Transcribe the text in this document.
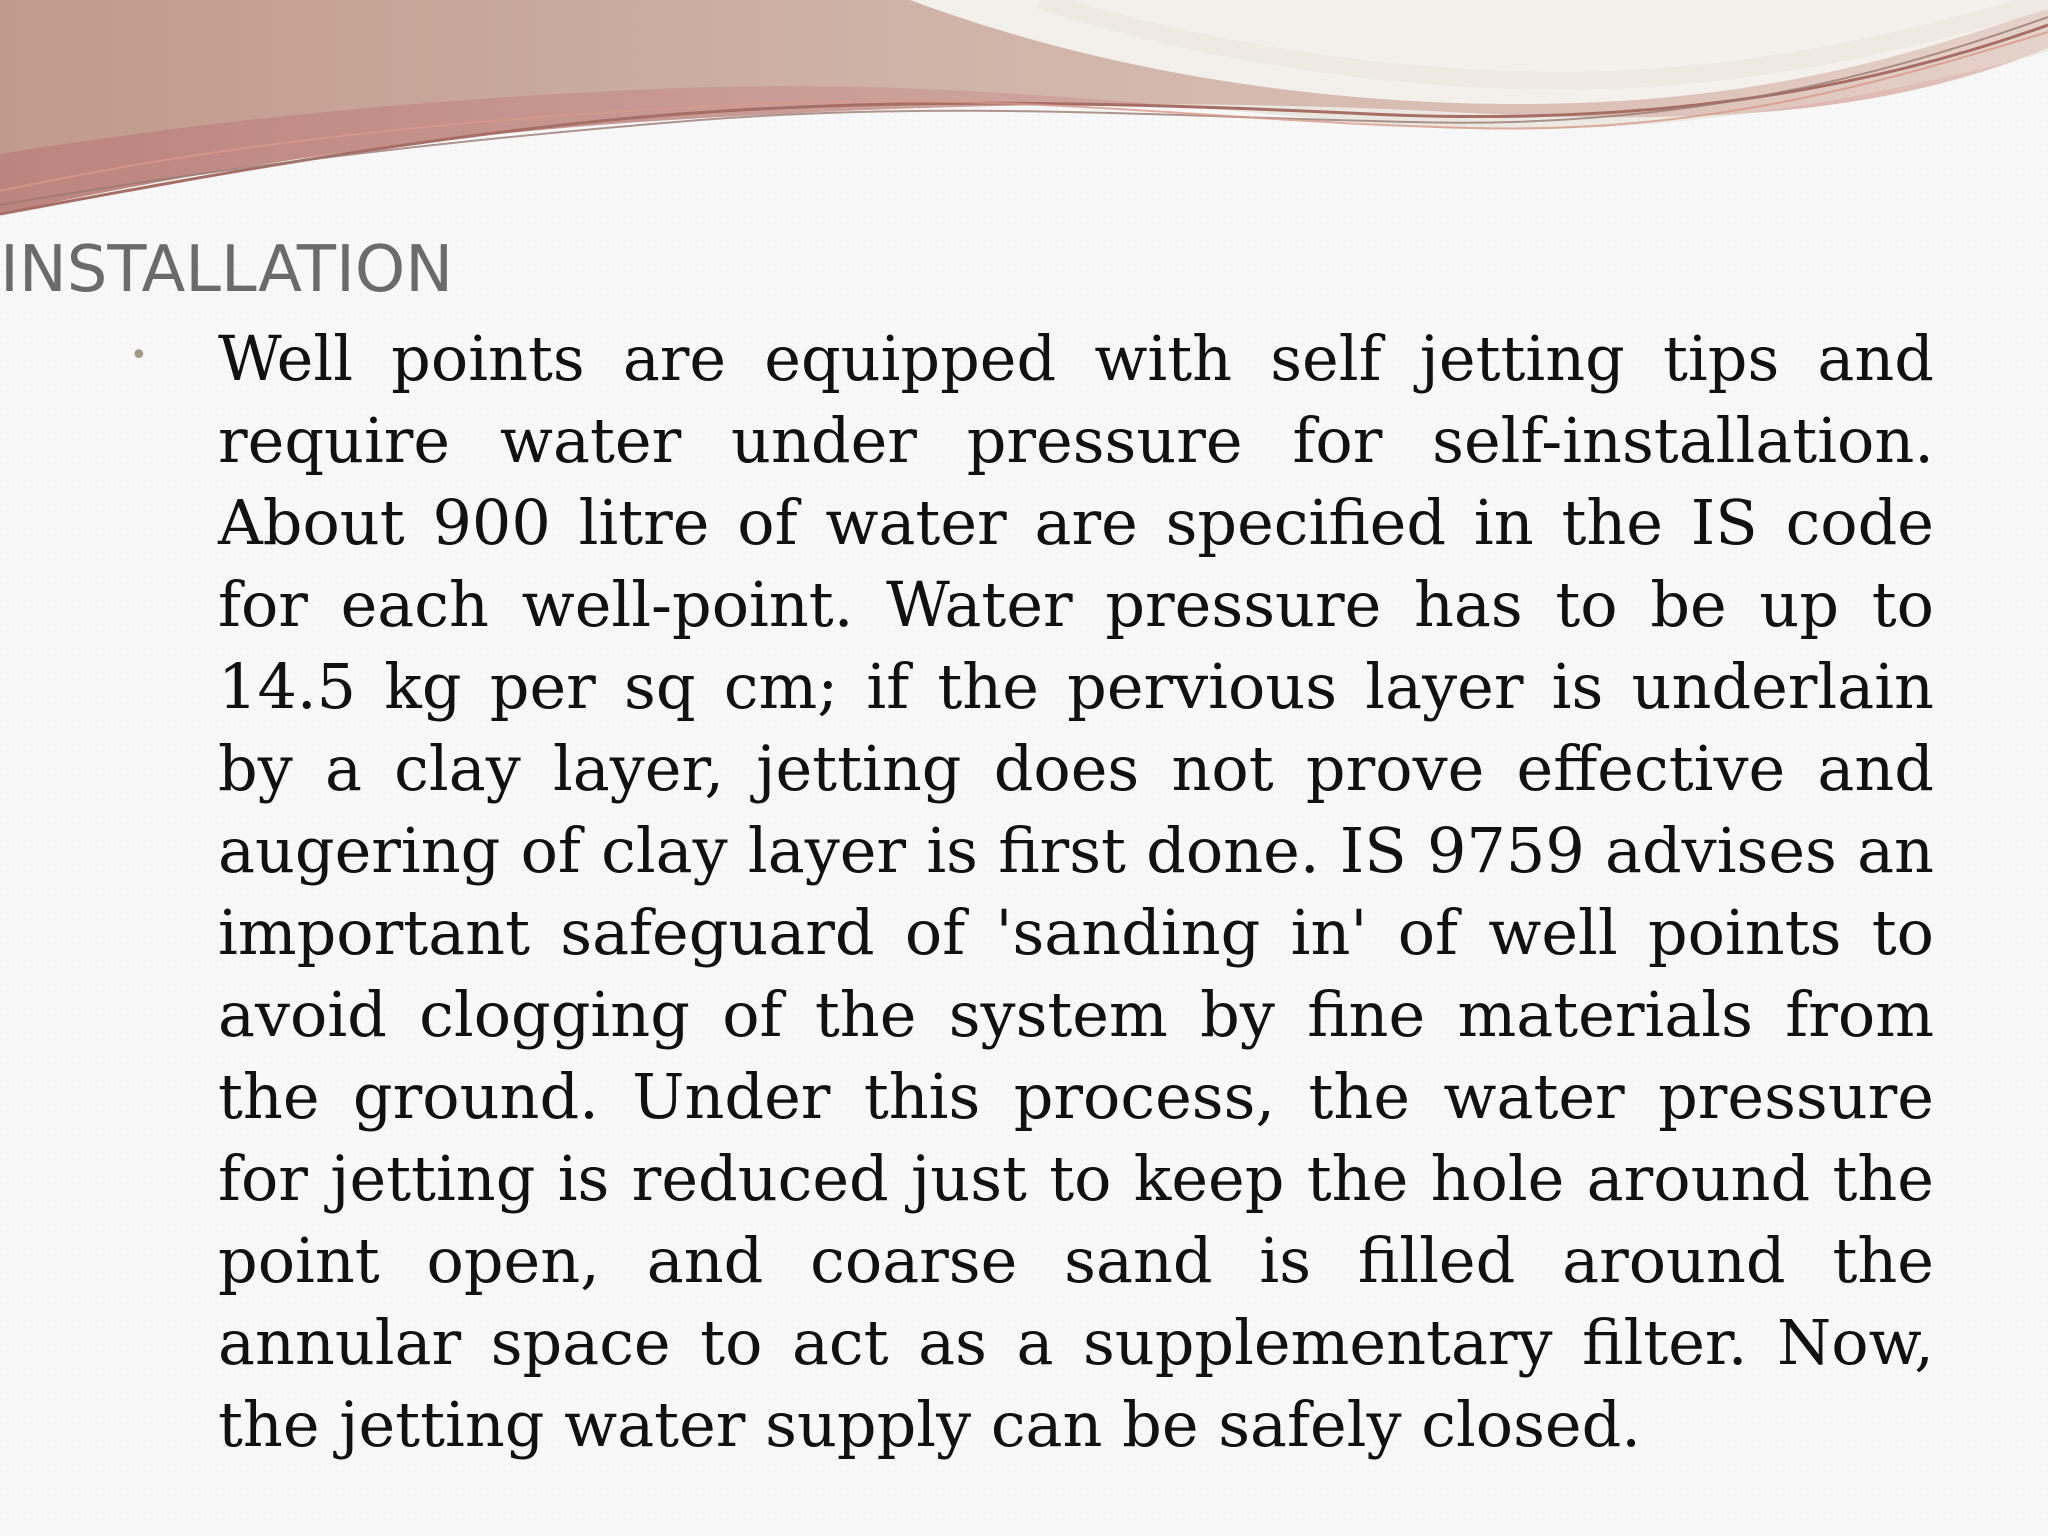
INSTALLATION
• Well points are equipped with self jetting tips and require water under pressure for self-installation. About 900 litre of water are specified in the IS code for each well-point. Water pressure has to be up to 14.5 kg per sq cm; if the pervious layer is underlain by a clay layer, jetting does not prove effective and augering of clay layer is first done. IS 9759 advises an important safeguard of 'sanding in' of well points to avoid clogging of the system by fine materials from the ground. Under this process, the water pressure for jetting is reduced just to keep the hole around the point open, and coarse sand is filled around the annular space to act as a supplementary filter. Now, the jetting water supply can be safely closed.
